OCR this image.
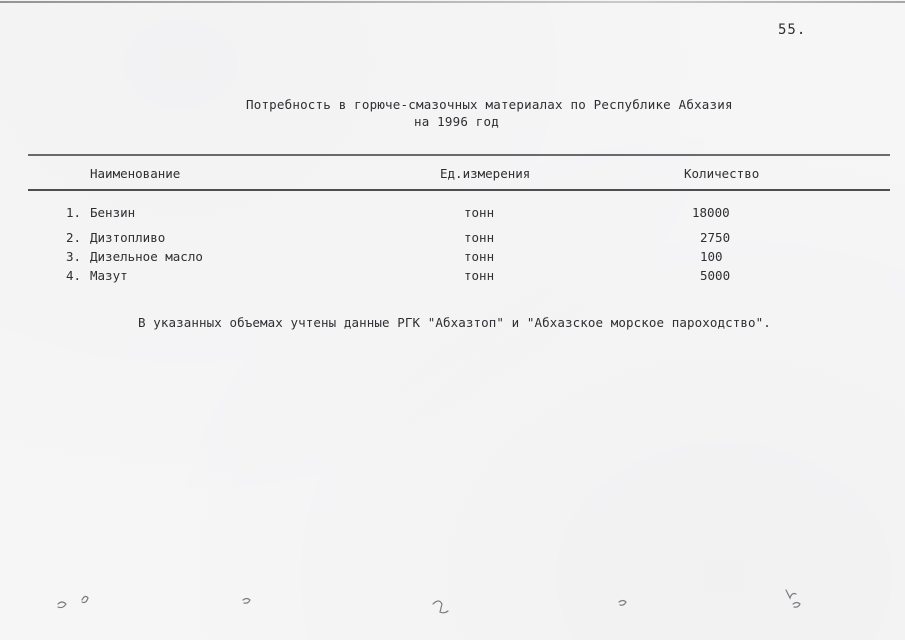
55.
Потребность в горюче-смазочных материалах по Республике Абхазия
на 1996 год
Наименование	Ед.измерения	Количество
1. Бензин	тонн	18000
2. Дизтопливо	тонн	2750
3. Дизельное масло	тонн	100
4. Мазут	тонн	5000
В указанных объемах учтены данные РГК "Абхазтоп" и "Абхазское морское пароходство".
